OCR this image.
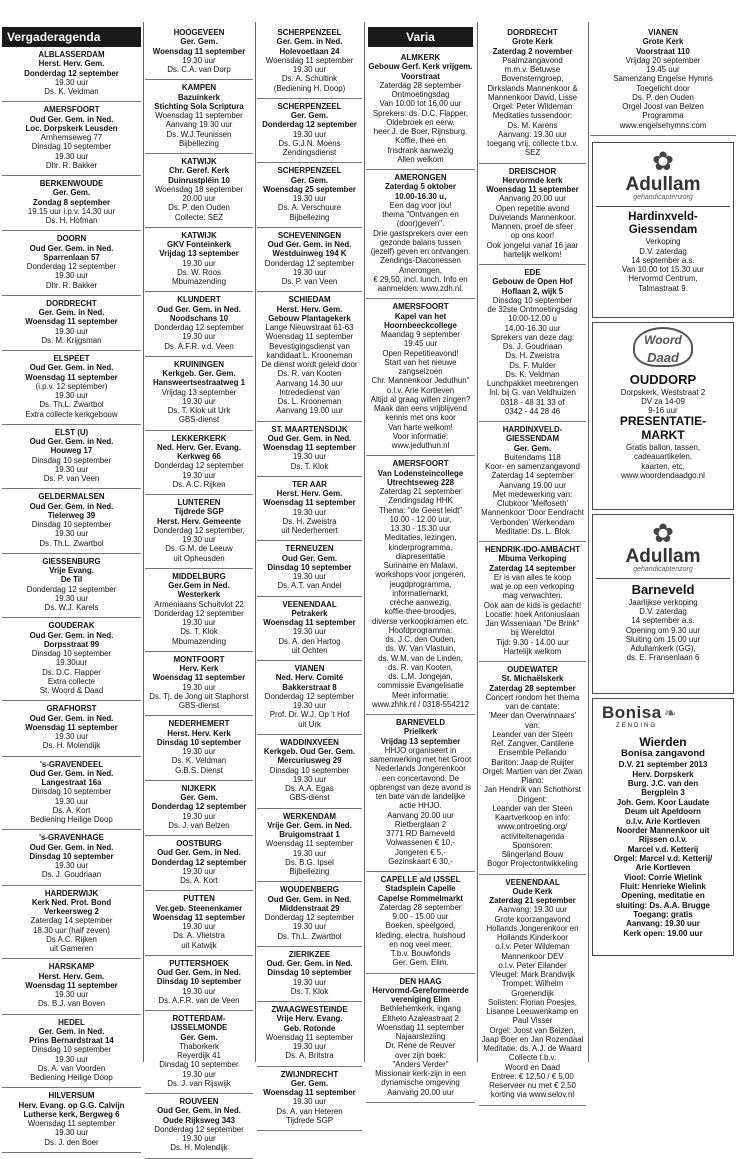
Vergaderagenda	Varia
ALBLASSERDAM
Herst. Herv. Gem.
Donderdag 12 september
19.30 uur
Ds. K. Veldman
AMERSFOORT
Oud Ger. Gem. in Ned.
Loc. Dorpskerk Leusden
Arnhemseweg 77
Dinsdag 10 september
19.30 uur
Dhr. R. Bakker
BERKENWOUDE
Ger. Gem.
Zondag 8 september
19.15 uur i.p.v. 14.30 uur
Ds. H. Hofman
DOORN
Oud Ger. Gem. in Ned.
Sparrenlaan 57
Donderdag 12 september
19.30 uur
Dhr. R. Bakker
DORDRECHT
Ger. Gem. in Ned.
Woensdag 11 september
19.30 uur
Ds. M. Krijgsman
ELSPEET
Oud Ger. Gem. in Ned.
Woensdag 11 september
(i.p.v. 12 september)
19.30 uur
Ds. Th.L. Zwartbol
Extra collecte kerkgebouw
ELST (U)
Oud Ger. Gem. in Ned.
Houweg 17
Dinsdag 10 september
19.30 uur
Ds. P. van Veen
GELDERMALSEN
Oud Ger. Gem. in Ned.
Tielerweg 39
Dinsdag 10 september
19.30 uur
Ds. Th.L. Zwartbol
GIESSENBURG
Vrije Evang.
De Til
Donderdag 12 september
19.30 uur
Ds. W.J. Karels
GOUDERAK
Oud Ger. Gem. in Ned.
Dorpsstraat 99
Dinsdag 10 september
19.30uur
Ds. D.C. Flapper
Extra collecte
St. Woord & Daad
GRAFHORST
Oud Ger. Gem. in Ned.
Woensdag 11 september
19.30 uur
Ds. H. Molendijk
's-GRAVENDEEL
Oud Ger. Gem. in Ned.
Langestraat 16a
Dinsdag 10 september
19.30 uur
Ds. A. Kort
Bediening Heilige Doop
's-GRAVENHAGE
Oud Ger. Gem. in Ned.
Dinsdag 10 september
19.30 uur
Ds. J. Goudriaan
HARDERWIJK
Kerk Ned. Prot. Bond
Verkeersweg 2
Zaterdag 14 september
18.30 uur (half zeven)
Ds A.C. Rijken
uit Gameren
HARSKAMP
Herst. Herv. Gem.
Woensdag 11 september
19.30 uur
Ds. B.J. van Boven
HEDEL
Ger. Gem. in Ned.
Prins Bernardstraat 14
Dinsdag 10 september
19.30 uur
Ds. A. van Voorden
Bediening Heilige Doop
HILVERSUM
Herv. Evang. op G.G. Calvijn
Lutherse kerk, Bergweg 6
Woensdag 11 september
19.30 uur
Ds. J. den Boer
HOOGEVEEN
Ger. Gem.
Woensdag 11 september
19.30 uur
Ds. C.A. van Dorp
KAMPEN
Bazuinkerk
Stichting Sola Scriptura
Woensdag 11 september
Aanvang 19.30 uur
Ds. W.J.Teunissen
Bijbellezing
KATWIJK
Chr. Geref. Kerk
Duinrustpléin 10
Woensdag 18 september
20.00 uur
Ds. P. den Ouden
Collecte: SEZ
KATWIJK
GKV Fonteinkerk
Vrijdag 13 september
19.30 uur
Ds. W. Roos
Mbumazending
KLUNDERT
Oud Ger. Gem. in Ned.
Noodschans 10
Donderdag 12 september
19.30 uur
Ds. A.F.R. v.d. Veen
KRUININGEN
Kerkgeb. Ger. Gem.
Hansweertsestraatweg 1
Vrijdag 13 september
19.30 uur
Ds. T. Klok uit Urk
GBS-dienst
LEKKERKERK
Ned. Herv. Ger. Evang.
Kerkweg 66
Donderdag 12 september
19.30 uur
Ds. A.C. Rijken
LUNTEREN
Tijdrede SGP
Herst. Herv. Gemeente
Donderdag 12 september,
19.30 uur
Ds. G.M. de Leeuw
uit Opheusden
MIDDELBURG
Ger.Gem in Ned.
Westerkerk
Armeniaans Schuitvlot 22
Donderdag 12 september
19.30 uur
Ds. T. Klok
Mbumazending
MONTFOORT
Herv. Kerk
Woensdag 11 september
19.30 uur
Ds. Tj. de Jong uit Staphorst
GBS-dienst
NEDERHEMERT
Herst. Herv. Kerk
Dinsdag 10 september
19.30 uur
Ds. K. Veldman
G.B.S. Dienst
NIJKERK
Ger. Gem.
Donderdag 12 september
19.30 uur
Ds. J. van Belzen
OOSTBURG
Oud Ger. Gem. in Ned.
Donderdag 12 september
19.30 uur
Ds. A. Kort
PUTTEN
Ver.geb. Steenenkamer
Woensdag 11 september
19.30 uur
Ds. A. Vlietstra
uit Katwijk
PUTTERSHOEK
Oud Ger. Gem. in Ned.
Dinsdag 10 september
19.30 uur
Ds. A.F.R. van de Veen
ROTTERDAM-
IJSSELMONDE
Ger. Gem.
Thaborkerk
Reyerdijk 41
Dinsdag 10 september
19.30 uur
Ds. J. van Rijswijk
ROUVEEN
Oud Ger. Gem. in Ned.
Oude Rijksweg 343
Donderdag 12 september
19.30 uur
Ds. H. Molendijk
SCHERPENZEEL
Ger. Gem. in Ned.
Holevoetlaan 24
Woensdag 11 september
19.30 uur
Ds. A. Schultink
(Bediening H. Doop)
SCHERPENZEEL
Ger. Gem.
Donderdag 12 september
19.30 uur
Ds. G.J.N. Moens
Zendingsdienst
SCHERPENZEEL
Ger. Gem.
Woensdag 25 september
19.30 uur
Ds. A. Verschuure
Bijbellezing
SCHEVENINGEN
Oud Ger. Gem. in Ned.
Westduinweg 194 K
Donderdag 12 september
19.30 uur
Ds. P. van Veen
SCHIEDAM
Herst. Herv. Gem.
Gebouw Plantagekerk
Lange Nieuwstraat 61-63
Woensdag 11 september
Bevestigingsdienst van
kandidaat L. Krooneman
De dienst wordt geleid door
Ds. R. van Kooten
Aanvang 14.30 uur
Intrededienst van
Ds. L. Krooneman
Aanvang 19.00 uur
ST. MAARTENSDIJK
Oud Ger. Gem. in Ned.
Woensdag 11 september
19.30 uur
Ds. T. Klok
TER AAR
Herst. Herv. Gem.
Woensdag 11 september
19.30 uur
Ds. H. Zweistra
uit Nederhemert
TERNEUZEN
Oud Ger. Gem.
Dinsdag 10 september
19.30 uur
Ds. A.T. van Andel
VEENENDAAL
Petrakerk
Woensdag 11 september
19.30 uur
Ds. A. den Hartog
uit Ochten
VIANEN
Ned. Herv. Comité
Bakkerstraat 8
Donderdag 12 september
19.30 uur
Prof. Dr. W.J. Op 't Hof
uit Urk
WADDINXVEEN
Kerkgeb. Oud Ger. Gem.
Mercuriusweg 29
Dinsdag 10 september
19.30 uur
Ds. A.A. Egas
GBS-dienst
WERKENDAM
Vrije Ger. Gem. in Ned.
Bruigomstraat 1
Woensdag 11 september
19.30 uur
Ds. B.G. Ipsel
Bijbellezing
WOUDENBERG
Oud Ger. Gem. in Ned.
Middenstraat 29
Donderdag 12 september
19.30 uur
Ds. Th.L. Zwartbol
ZIERIKZEE
Oud. Ger. Gem. in Ned.
Dinsdag 10 september
19.30 uur
Ds. T. Klok
ZWAAGWESTEINDE
Vrije Herv. Evang.
Geb. Rotonde
Woensdag 11 september
19.30 uur
Ds. A. Britstra
ZWIJNDRECHT
Ger. Gem.
Woensdag 11 september
19.30 uur
Ds. A. van Heteren
Tijdrede SGP
ALMKERK
Gebouw Gerf. Kerk vrijgem.
Voorstraat
Zaterdag 28 september
Ontmoetingsdag
Van 10.00 tot 16.00 uur
Sprekers: ds. D.C. Flapper,
Oldebroek en eerw.
heer J. de Boer, Rijnsburg.
Koffie, thee en
frisdrank aanwezig
Allen welkom
AMERONGEN
Zaterdag 5 oktober
10.00-16.30 u,
Een dag voor jou!
thema "Ontvangen en
(door)geven".
Drie gastsprekers over een
gezonde balans tussen
(jezelf) geven en ontvangen.
Zendings-Diaconessen
Amerongen,
€ 29,50, incl. lunch. Info en
aanmelden: www.zdh.nl.
AMERSFOORT
Kapel van het
Hoornbeeckcollege
Maandag 9 september
19.45 uur
Open Repetitieavond!
Start van het nieuwe
zangseizoen
Chr. Mannenkoor Jeduthun"
o.l.v. Arie Kortleven
Altijd al graag willen zingen?
Maak dan eens vrijblijvend
kennis met ons koor
Van harte welkom!
Voor informatie:
www.jeduthun.nl
AMERSFOORT
Van Lodensteincollege
Utrechtseweg 228
Zaterdag 21 september
Zendingsdag HHK
Thema: "de Geest leidt"
10.00 - 12.00 uur,
13.30 - 15.30 uur
Meditaties, lezingen,
kinderprogramma,
diapresentatie
Suriname en Malawi,
workshops voor jongeren,
jeugdprogramma,
informatiemarkt,
crèche aanwezig,
koffie-thee-broodjes,
diverse verkoopkramen etc.
Hoofdprogramma:
ds. J.C. den Ouden,
ds. W. Van Vlastuin,
ds. W.M. van de Linden,
ds. R. van Kooten,
ds. L.M. Jongejan,
commissie Evangelisatie
Meer informatie:
www.zhhk.nl / 0318-554212
BARNEVELD
Prielkerk
Vrijdag 13 september
HHJO organiseert in
samenwerking met het Groot
Nederlands Jongerenkoor
een concertavond. De
opbrengst van deze avond is
ten bate van de landelijke
actie HHJO.
Aanvang 20.00 uur
Rietberglaan 2
3771 RD Barneveld
Volwassenen € 10,-
Jongeren € 5,-
Gezinskaart € 30,-
CAPELLE a/d IJSSEL
Stadsplein Capelle
Capelse Rommelmarkt
Zaterdag 28 september
9.00 - 15.00 uur
Boeken, speelgoed,
kleding, electra, huishoud
en nog veel meer.
T.b.v. Bouwfonds
Ger. Gem. Elim.
DEN HAAG
Hervormd-Gereformeerde
vereniging Elim
Bethlehemkerk, ingang
Eltheto Azaleastraat 2
Woensdag 11 september
Najaarsleziing
Dr. Rene de Reuver
over zijn boek:
"Anders Verder"
Missionair kerk-zijn in een
dynamische omgeving
Aanvang 20.00 uur
DORDRECHT
Grote Kerk
Zaterdag 2 november
Psalmzangavond
m.m.v. Betuwse
Bovenstemgroep,
Dirkslands Mannenkoor &
Mannenkoor David, Lisse
Orgel: Peter Wildeman
Meditaties tussendoor:
Ds. M. Karens
Aanvang: 19.30 uur
toegang vrij, collecte t.b.v.
SEZ
DREISCHOR
Hervormde kerk
Woensdag 11 september
Aanvang 20.00 uur
Open repetitie avond
Duivelands Mannenkoor.
Mannen, proef de sfeer
op ons koor!
Ook jongelui vanaf 16 jaar
hartelijk welkom!
EDE
Gebouw de Open Hof
Hoflaan 2, wijk 5
Dinsdag 10 september
de 32ste Ontmoetingsdag
10.00-12.00 u
14.00-16.30 uur
Sprekers van deze dag:
Ds. J. Goudriaan
Ds. H. Zweistra
Ds. F. Mulder
Ds. K. Veldman
Lunchpakket meebrengen
Inl. bij G. van Veldhuizen
0318 - 48 31 33 of
0342 - 44 28 46
HARDINXVELD-
GIESSENDAM
Ger. Gem.
Buitendams 118
Koor- en samenzangavond
Zaterdag 14 september
Aanvang 19.00 uur
Met medewerking van:
Clubkoor 'Melfoseth'
Mannenkoor 'Door Eendracht
Verbonden' Werkendam
Meditatie: Ds. L. Blok
HENDRIK-IDO-AMBACHT
Mbuma Verkoping
Zaterdag 14 september
Er is van alles te koop
wat je op een verkoping
mag verwachten.
Ook aan de kids is gedacht!
Locatie: hoek Antoniuslaan
Jan Wisseniaan "De Brink"
bij Wereldtol
Tijd: 9.30 - 14.00 uur
Hartelijk welkom
OUDEWATER
St. Michaëlskerk
Zaterdag 28 september
Concert rondom het thema
van de cantate:
'Meer dan Overwinnaars'
van:
Leander van der Steen
Ref. Zangver. Cantilene
Ensemble Pellando
Bariton: Jaap de Ruijter
Orgel: Martien van der Zwan
Piano:
Jan Hendrik van Schothorst
Dirigent:
Leander van der Steen
Kaartverkoop en info:
www.ontroeting.org/
activiteitenagenda
Sponsoren:
Slingerland Bouw
Bogor Projectontwikkeling
VEENENDAAL
Oude Kerk
Zaterdag 21 september
Aanvang: 19.30 uur
Grote koorzangavond
Hollands Jongerenkoor en
Hollands Kinderkoor
o.l.v. Peter Wildeman
Mannenkoor DEV
o.l.v. Peter Eilander
Vleugel: Mark Brandwijk
Trompet: Wilhelm
Groenendijk
Solisten: Florian Poesjes,
Lisanne Leeuwenkamp en
Paul Visser
Orgel: Joost van Belzen,
Jaap Boer en Jan Rozendaal
Meditatie: ds. A.J. de Waard
Collecte t.b.v.
Woord en Daad
Entree: € 12,50 / € 5,00
Reserveer nu met € 2,50
korting via www.selov.nl
VIANEN
Grote Kerk
Voorstraat 110
Vrijdag 20 september
19.45 uur
Samenzang Engelse Hymns
Toegelicht door
Ds. P. den Ouden
Orgel Joost van Belzen
Programma
www.engelsehymns.com
✿
Adullam
gehandicaptenzorg
Hardinxveld-
Giessendam
Verkoping
D.V. zaterdag
14 september a.s.
Van 10.00 tot 15.30 uur
Hervormd Centrum,
Talmastraat 9.
Woord
Daad
OUDDORP
Dorpskerk, Weststraat 2
DV za 14-09
9-16 uur
PRESENTATIE-
MARKT
Gratis ballon, tassen,
cadeauartikelen,
kaarten, etc.
www.woordendaadgo.nl
✿
Adullam
gehandicaptenzorg
Barneveld
Jaarlijkse verkoping
D.V. zaterdag
14 september a.s.
Opening om 9.30 uur
Sluiting om 15.00 uur
Adullamkerk (GG),
ds. E. Fransenlaan 6
Bonisa ❧
ZENDING
Wierden
Bonisa zangavond
D.V. 21 september 2013
Herv. Dorpskerk
Burg. J.C. van den
Berg​plein 3
Joh. Gem. Koor Laudate
Deum uit Apeldoorn
o.l.v. Arie Kortleven
Noorder Mannenkoor uit
Rijssen o.l.v.
Marcel v.d. Ketterij
Orgel: Marcel v.d. Ketterij/
Arie Kortleven
Viool: Corrie Wielink
Fluit: Henrieke Wielink
Opening, meditatie en
sluiting: Ds. A.A. Brugge
Toegang: gratis
Aanvang: 19.30 uur
Kerk open: 19.00 uur
